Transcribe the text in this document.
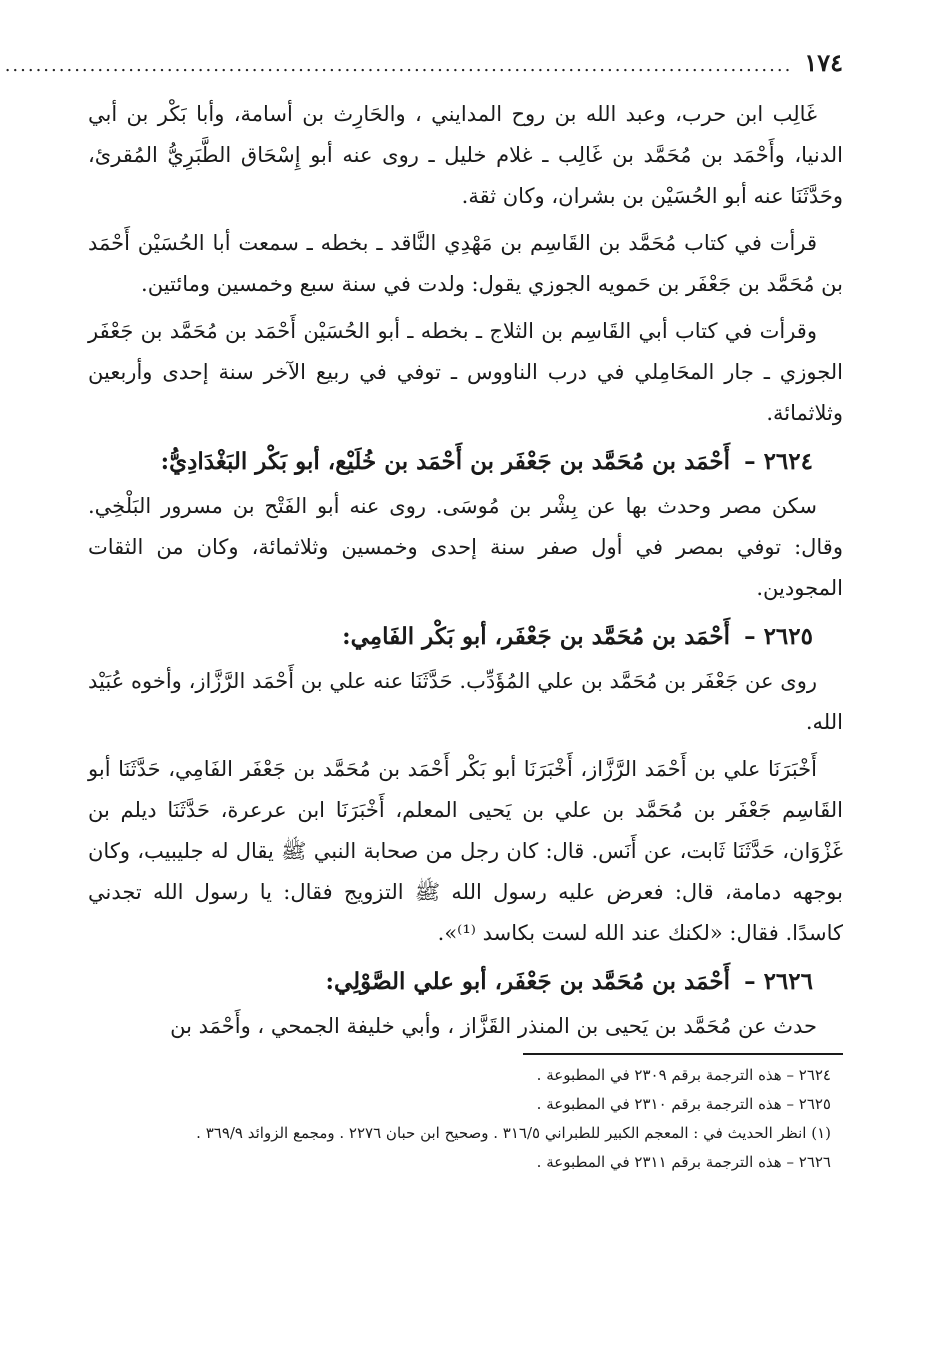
١٧٤
......................................................................................................

غَالِب ابن حرب، وعبد الله بن روح المدايني ، والحَارِث بن أسامة، وأبا بَكْر بن أبي الدنيا، وأَحْمَد بن مُحَمَّد بن غَالِب ـ غلام خليل ـ روى عنه أبو إِسْحَاق الطَّبَرِيُّ المُقرئ، وحَدَّثَنَا عنه أبو الحُسَيْن بن بشران، وكان ثقة.

قرأت في كتاب مُحَمَّد بن القَاسِم بن مَهْدِي النَّاقد ـ بخطه ـ سمعت أبا الحُسَيْن أَحْمَد بن مُحَمَّد بن جَعْفَر بن حَمويه الجوزي يقول: ولدت في سنة سبع وخمسين ومائتين.

وقرأت في كتاب أبي القَاسِم بن الثلاج ـ بخطه ـ أبو الحُسَيْن أَحْمَد بن مُحَمَّد بن جَعْفَر الجوزي ـ جار المحَامِلي في درب الناووس ـ توفي في ربيع الآخر سنة إحدى وأربعين وثلاثمائة.

٢٦٢٤ – أَحْمَد بن مُحَمَّد بن جَعْفَر بن أَحْمَد بن خُلَيْع، أبو بَكْر البَغْدَادِيُّ:

سكن مصر وحدث بها عن بِشْر بن مُوسَى. روى عنه أبو الفَتْح بن مسرور البَلْخِي. وقال: توفي بمصر في أول صفر سنة إحدى وخمسين وثلاثمائة، وكان من الثقات المجودين.

٢٦٢٥ – أَحْمَد بن مُحَمَّد بن جَعْفَر، أبو بَكْر الفَامِي:

روى عن جَعْفَر بن مُحَمَّد بن علي المُؤَدِّب. حَدَّثَنَا عنه علي بن أَحْمَد الرَّزَّاز، وأخوه عُبَيْد الله.

أَخْبَرَنَا علي بن أَحْمَد الرَّزَّاز، أَخْبَرَنَا أبو بَكْر أَحْمَد بن مُحَمَّد بن جَعْفَر الفَامِي، حَدَّثَنَا أبو القَاسِم جَعْفَر بن مُحَمَّد بن علي بن يَحيى المعلم، أَخْبَرَنَا ابن عرعرة، حَدَّثَنَا ديلم بن غَزْوَان، حَدَّثَنَا ثَابت، عن أَنَس. قال: كان رجل من صحابة النبي ﷺ يقال له جليبيب، وكان بوجهه دمامة، قال: فعرض عليه رسول الله ﷺ التزويج فقال: يا رسول الله تجدني كاسدًا. فقال: «لكنك عند الله لست بكاسد ⁽¹⁾».

٢٦٢٦ – أَحْمَد بن مُحَمَّد بن جَعْفَر، أبو علي الصَّوْلِي:

حدث عن مُحَمَّد بن يَحيى بن المنذر القَزَّاز ، وأبي خليفة الجمحي ، وأَحْمَد بن

٢٦٢٤ – هذه الترجمة برقم ٢٣٠٩ في المطبوعة .

٢٦٢٥ – هذه الترجمة برقم ٢٣١٠ في المطبوعة .

(١) انظر الحديث في : المعجم الكبير للطبراني ٣١٦/٥ . وصحيح ابن حبان ٢٢٧٦ . ومجمع الزوائد ٣٦٩/٩ .

٢٦٢٦ – هذه الترجمة برقم ٢٣١١ في المطبوعة .
